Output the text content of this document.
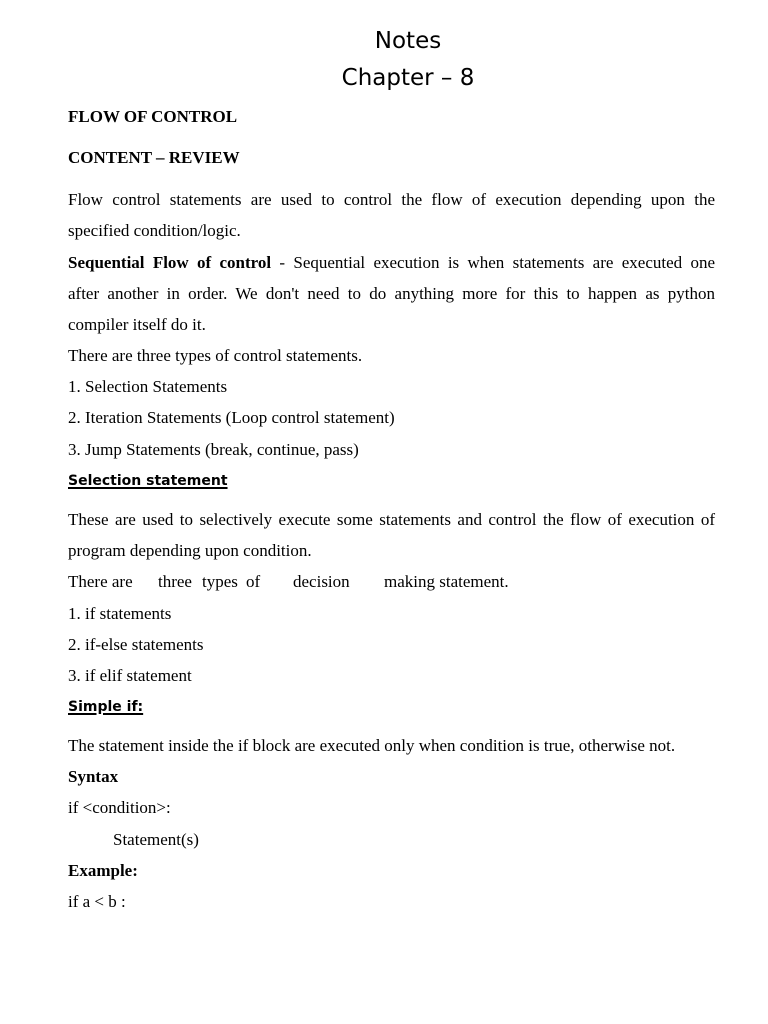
Notes
Chapter – 8
FLOW OF CONTROL
CONTENT – REVIEW
Flow control statements are used to control the flow of execution depending upon the
specified condition/logic.
Sequential Flow of control - Sequential execution is when statements are executed one
after another in order. We don't need to do anything more for this to happen as python
compiler itself do it.
There are three types of control statements.
1. Selection Statements
2. Iteration Statements (Loop control statement)
3. Jump Statements (break, continue, pass)
Selection statement
These are used to selectively execute some statements and control the flow of execution of
program depending upon condition.
There are three types of decision making statement.
1. if statements
2. if-else statements
3. if elif statement
Simple if:
The statement inside the if block are executed only when condition is true, otherwise not.
Syntax
if <condition>:
Statement(s)
Example:
if a < b :
